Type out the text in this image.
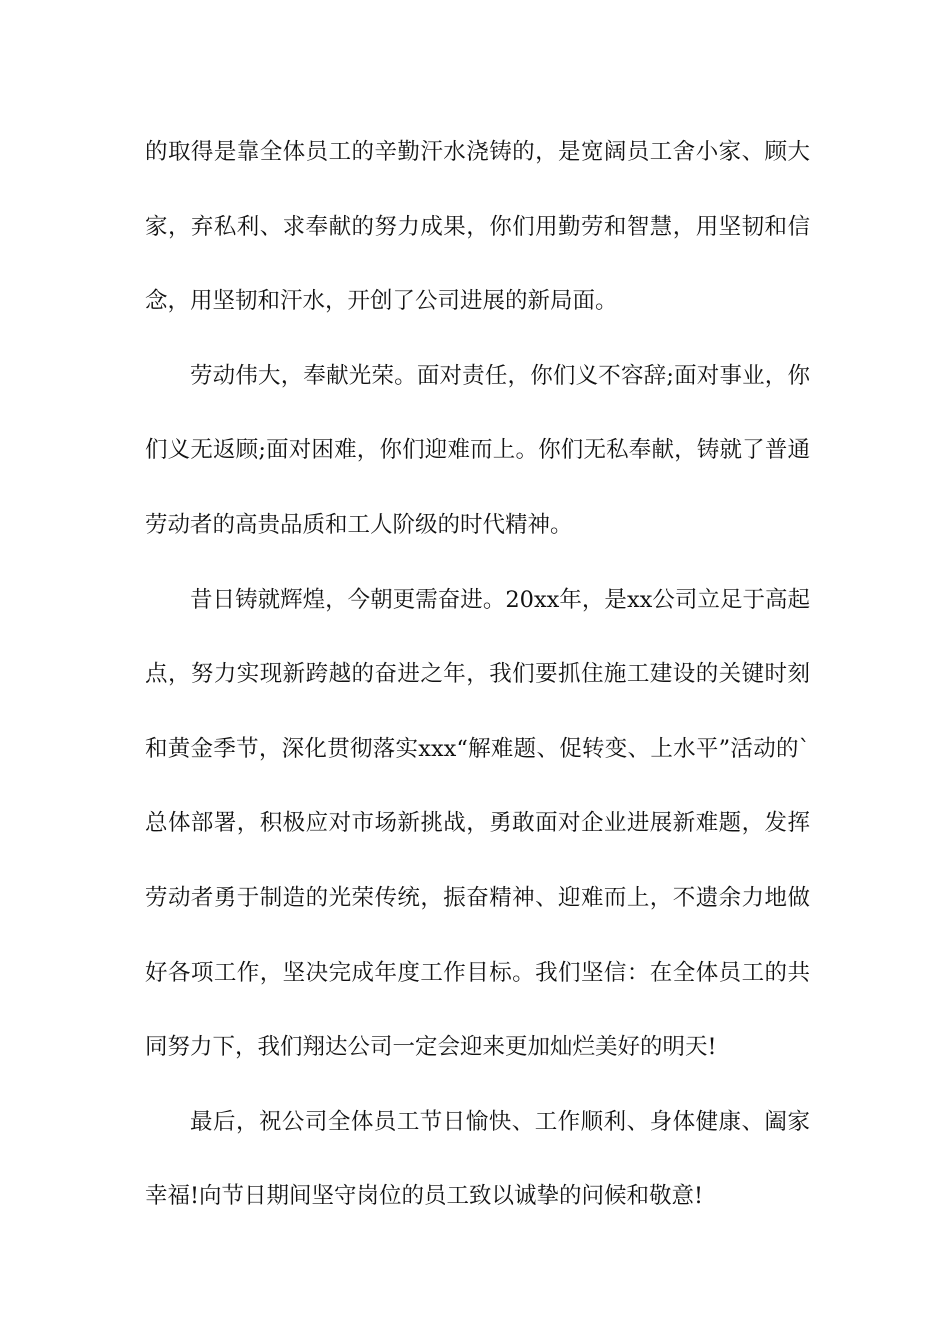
的取得是靠全体员工的辛勤汗水浇铸的，是宽阔员工舍小家、顾大家，弃私利、求奉献的努力成果，你们用勤劳和智慧，用坚韧和信念，用坚韧和汗水，开创了公司进展的新局面。

劳动伟大，奉献光荣。面对责任，你们义不容辞;面对事业，你们义无返顾;面对困难，你们迎难而上。你们无私奉献，铸就了普通劳动者的高贵品质和工人阶级的时代精神。

昔日铸就辉煌，今朝更需奋进。20xx年，是xx公司立足于高起点，努力实现新跨越的奋进之年，我们要抓住施工建设的关键时刻和黄金季节，深化贯彻落实xxx“解难题、促转变、上水平”活动的`总体部署，积极应对市场新挑战，勇敢面对企业进展新难题，发挥劳动者勇于制造的光荣传统，振奋精神、迎难而上，不遗余力地做好各项工作，坚决完成年度工作目标。我们坚信：在全体员工的共同努力下，我们翔达公司一定会迎来更加灿烂美好的明天!

最后，祝公司全体员工节日愉快、工作顺利、身体健康、阖家幸福!向节日期间坚守岗位的员工致以诚挚的问候和敬意!
